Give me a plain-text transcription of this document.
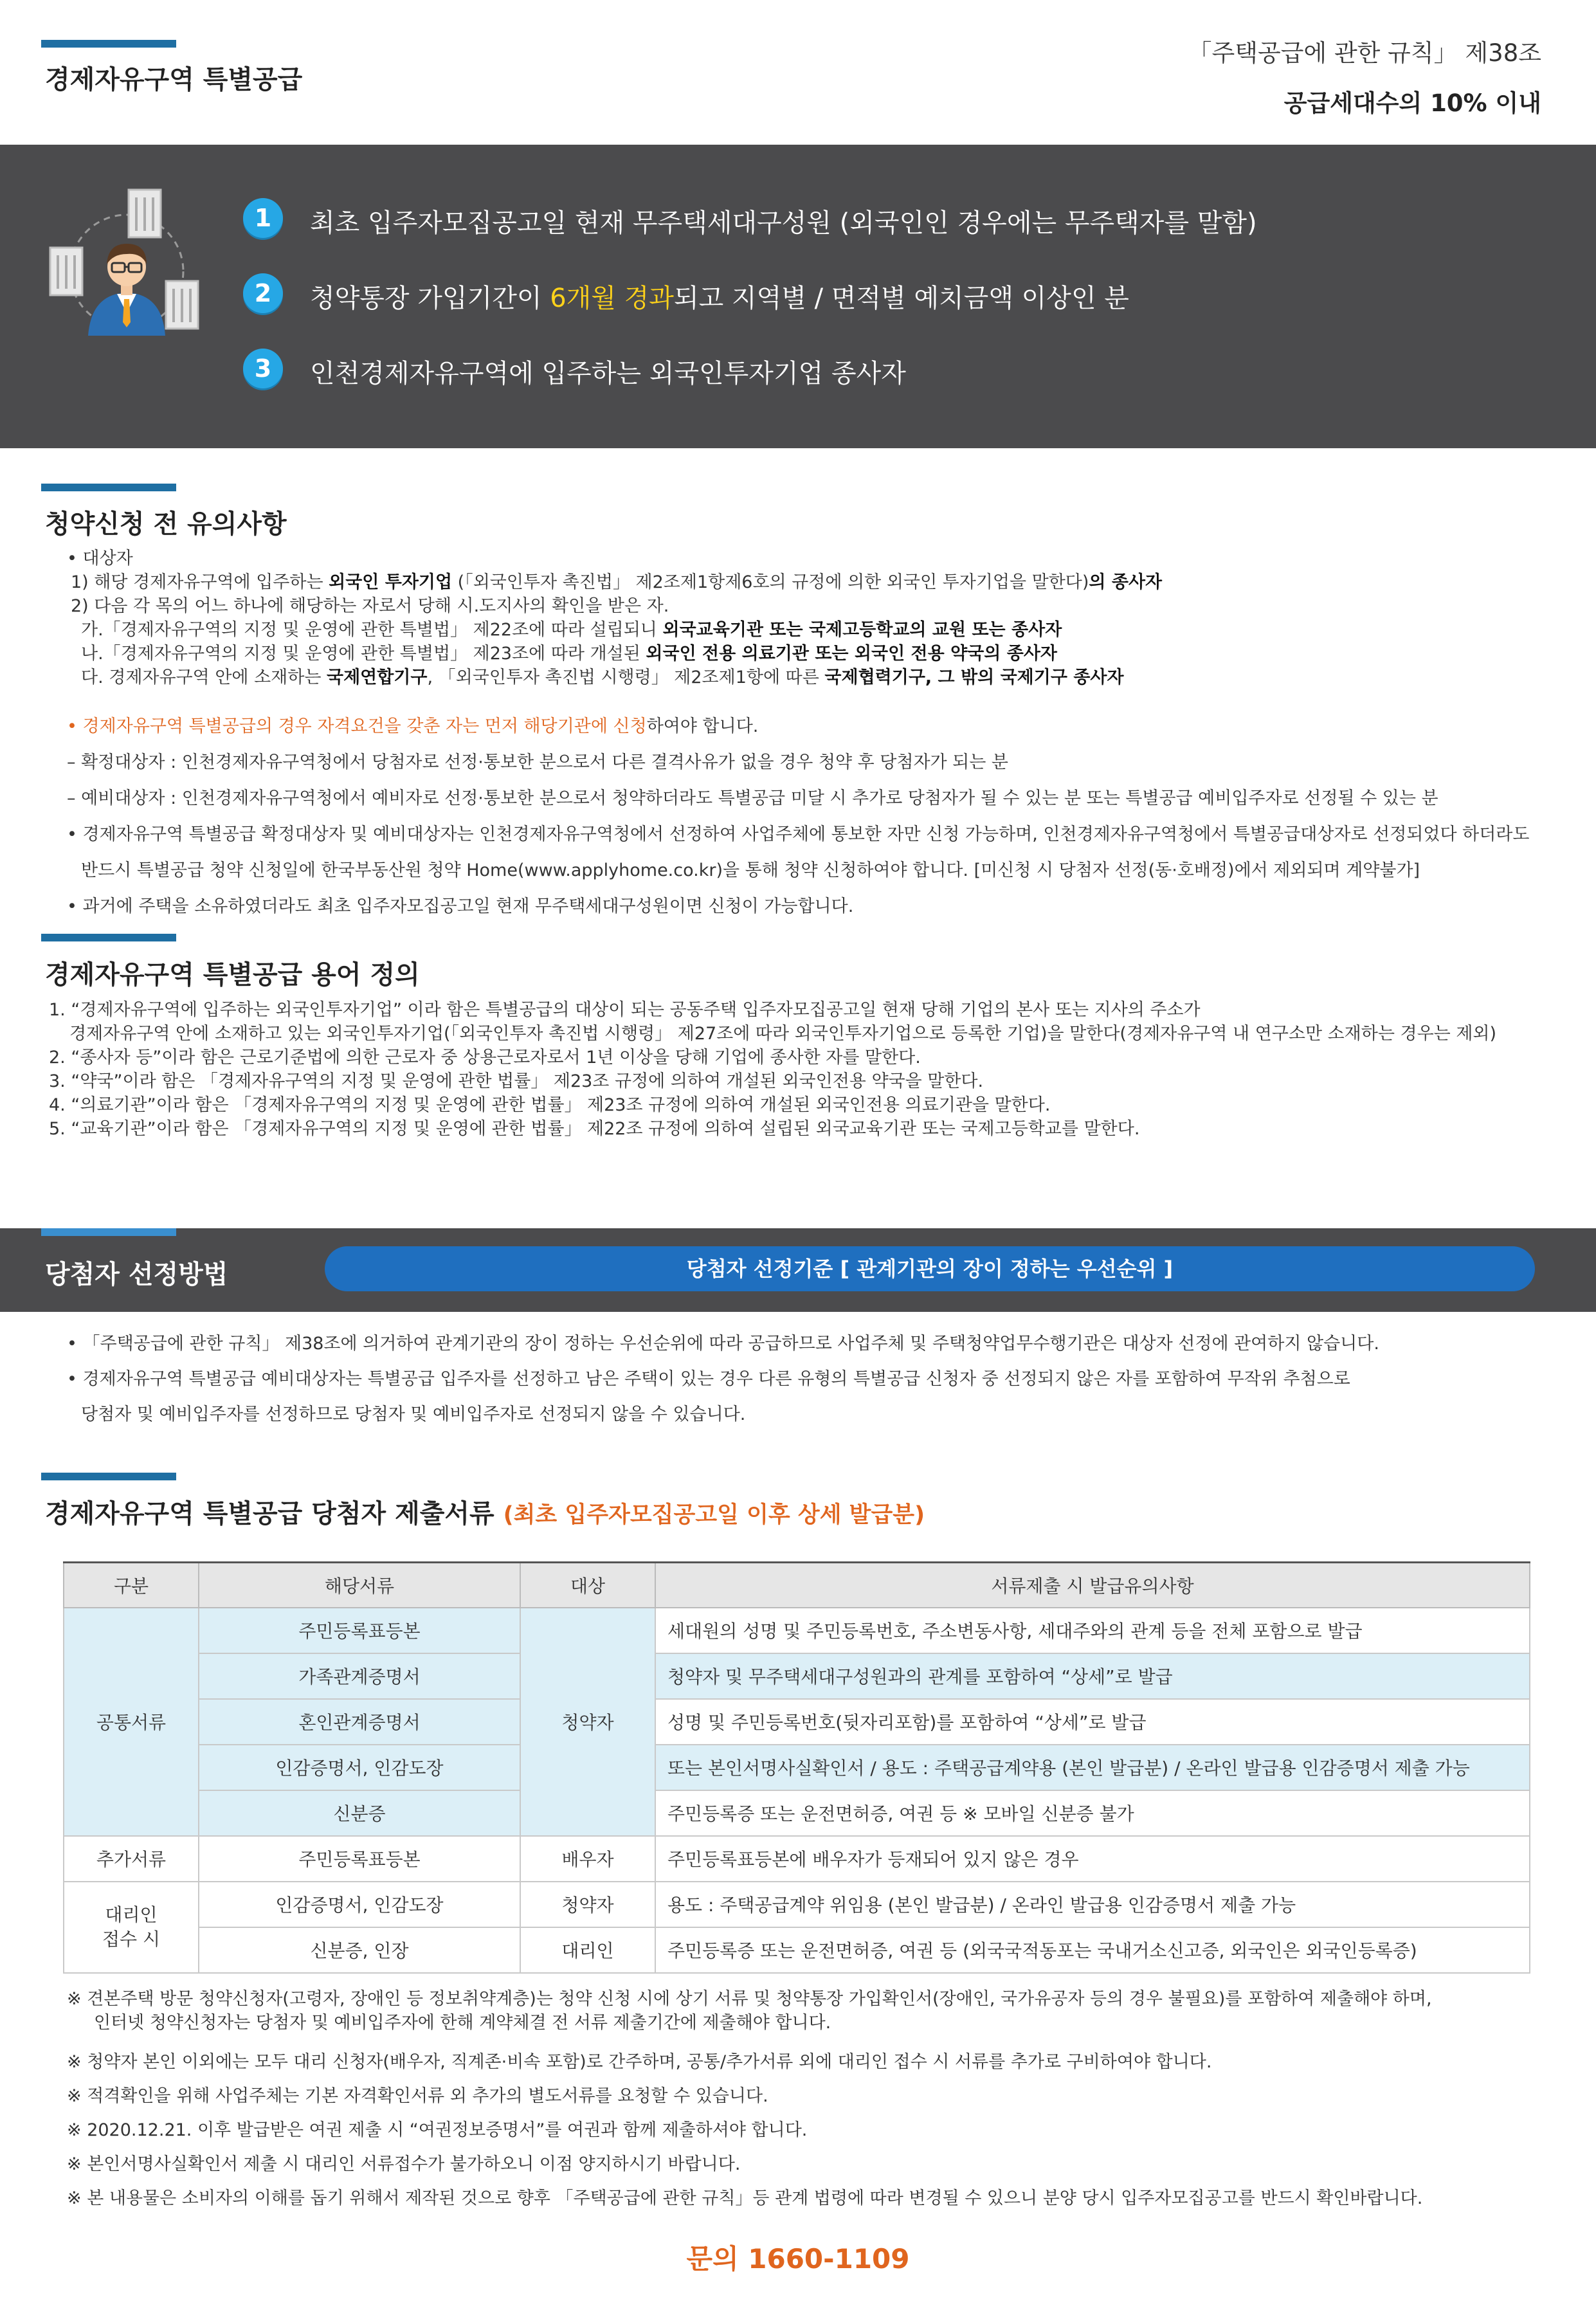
경제자유구역 특별공급
「주택공급에 관한 규칙」 제38조
공급세대수의 10% 이내
1	최초 입주자모집공고일 현재 무주택세대구성원 (외국인인 경우에는 무주택자를 말함)
2	청약통장 가입기간이 6개월 경과되고 지역별 / 면적별 예치금액 이상인 분
3	인천경제자유구역에 입주하는 외국인투자기업 종사자
청약신청 전 유의사항
• 대상자
1) 해당 경제자유구역에 입주하는 외국인 투자기업 (「외국인투자 촉진법」 제2조제1항제6호의 규정에 의한 외국인 투자기업을 말한다)의 종사자
2) 다음 각 목의 어느 하나에 해당하는 자로서 당해 시.도지사의 확인을 받은 자.
가.「경제자유구역의 지정 및 운영에 관한 특별법」 제22조에 따라 설립되니 외국교육기관 또는 국제고등학교의 교원 또는 종사자
나.「경제자유구역의 지정 및 운영에 관한 특별법」 제23조에 따라 개설된 외국인 전용 의료기관 또는 외국인 전용 약국의 종사자
다. 경제자유구역 안에 소재하는 국제연합기구, 「외국인투자 촉진법 시행령」 제2조제1항에 따른 국제협력기구, 그 밖의 국제기구 종사자
• 경제자유구역 특별공급의 경우 자격요건을 갖춘 자는 먼저 해당기관에 신청하여야 합니다.
– 확정대상자 : 인천경제자유구역청에서 당첨자로 선정·통보한 분으로서 다른 결격사유가 없을 경우 청약 후 당첨자가 되는 분
– 예비대상자 : 인천경제자유구역청에서 예비자로 선정·통보한 분으로서 청약하더라도 특별공급 미달 시 추가로 당첨자가 될 수 있는 분 또는 특별공급 예비입주자로 선정될 수 있는 분
• 경제자유구역 특별공급 확정대상자 및 예비대상자는 인천경제자유구역청에서 선정하여 사업주체에 통보한 자만 신청 가능하며, 인천경제자유구역청에서 특별공급대상자로 선정되었다 하더라도
반드시 특별공급 청약 신청일에 한국부동산원 청약 Home(www.applyhome.co.kr)을 통해 청약 신청하여야 합니다. [미신청 시 당첨자 선정(동·호배정)에서 제외되며 계약불가]
• 과거에 주택을 소유하였더라도 최초 입주자모집공고일 현재 무주택세대구성원이면 신청이 가능합니다.
경제자유구역 특별공급 용어 정의
1. “경제자유구역에 입주하는 외국인투자기업” 이라 함은 특별공급의 대상이 되는 공동주택 입주자모집공고일 현재 당해 기업의 본사 또는 지사의 주소가
경제자유구역 안에 소재하고 있는 외국인투자기업(「외국인투자 촉진법 시행령」 제27조에 따라 외국인투자기업으로 등록한 기업)을 말한다(경제자유구역 내 연구소만 소재하는 경우는 제외)
2. “종사자 등”이라 함은 근로기준법에 의한 근로자 중 상용근로자로서 1년 이상을 당해 기업에 종사한 자를 말한다.
3. “약국”이라 함은 「경제자유구역의 지정 및 운영에 관한 법률」 제23조 규정에 의하여 개설된 외국인전용 약국을 말한다.
4. “의료기관”이라 함은 「경제자유구역의 지정 및 운영에 관한 법률」 제23조 규정에 의하여 개설된 외국인전용 의료기관을 말한다.
5. “교육기관”이라 함은 「경제자유구역의 지정 및 운영에 관한 법률」 제22조 규정에 의하여 설립된 외국교육기관 또는 국제고등학교를 말한다.
당첨자 선정방법	당첨자 선정기준 [ 관계기관의 장이 정하는 우선순위 ]
• 「주택공급에 관한 규칙」 제38조에 의거하여 관계기관의 장이 정하는 우선순위에 따라 공급하므로 사업주체 및 주택청약업무수행기관은 대상자 선정에 관여하지 않습니다.
• 경제자유구역 특별공급 예비대상자는 특별공급 입주자를 선정하고 남은 주택이 있는 경우 다른 유형의 특별공급 신청자 중 선정되지 않은 자를 포함하여 무작위 추첨으로
당첨자 및 예비입주자를 선정하므로 당첨자 및 예비입주자로 선정되지 않을 수 있습니다.
경제자유구역 특별공급 당첨자 제출서류 (최초 입주자모집공고일 이후 상세 발급분)
구분	해당서류	대상	서류제출 시 발급유의사항
공통서류	주민등록표등본	청약자	세대원의 성명 및 주민등록번호, 주소변동사항, 세대주와의 관계 등을 전체 포함으로 발급
	가족관계증명서		청약자 및 무주택세대구성원과의 관계를 포함하여 “상세”로 발급
	혼인관계증명서		성명 및 주민등록번호(뒷자리포함)를 포함하여 “상세”로 발급
	인감증명서, 인감도장		또는 본인서명사실확인서 / 용도 : 주택공급계약용 (본인 발급분) / 온라인 발급용 인감증명서 제출 가능
	신분증		주민등록증 또는 운전면허증, 여권 등 ※ 모바일 신분증 불가
추가서류	주민등록표등본	배우자	주민등록표등본에 배우자가 등재되어 있지 않은 경우
대리인
접수 시	인감증명서, 인감도장	청약자	용도 : 주택공급계약 위임용 (본인 발급분) / 온라인 발급용 인감증명서 제출 가능
	신분증, 인장	대리인	주민등록증 또는 운전면허증, 여권 등 (외국국적동포는 국내거소신고증, 외국인은 외국인등록증)
※ 견본주택 방문 청약신청자(고령자, 장애인 등 정보취약계층)는 청약 신청 시에 상기 서류 및 청약통장 가입확인서(장애인, 국가유공자 등의 경우 불필요)를 포함하여 제출해야 하며,
인터넷 청약신청자는 당첨자 및 예비입주자에 한해 계약체결 전 서류 제출기간에 제출해야 합니다.
※ 청약자 본인 이외에는 모두 대리 신청자(배우자, 직계존·비속 포함)로 간주하며, 공통/추가서류 외에 대리인 접수 시 서류를 추가로 구비하여야 합니다.
※ 적격확인을 위해 사업주체는 기본 자격확인서류 외 추가의 별도서류를 요청할 수 있습니다.
※ 2020.12.21. 이후 발급받은 여권 제출 시 “여권정보증명서”를 여권과 함께 제출하셔야 합니다.
※ 본인서명사실확인서 제출 시 대리인 서류접수가 불가하오니 이점 양지하시기 바랍니다.
※ 본 내용물은 소비자의 이해를 돕기 위해서 제작된 것으로 향후 「주택공급에 관한 규칙」등 관계 법령에 따라 변경될 수 있으니 분양 당시 입주자모집공고를 반드시 확인바랍니다.
문의 1660-1109
